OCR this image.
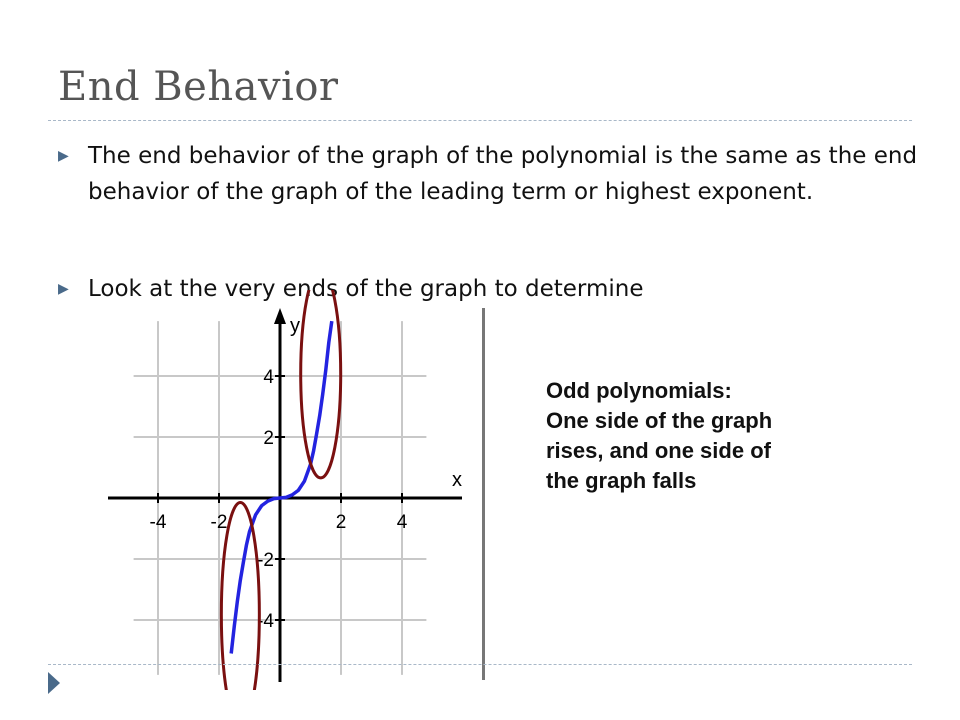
End Behavior
▶ The end behavior of the graph of the polynomial is the same as the end behavior of the graph of the leading term or highest exponent.
▶ Look at the very ends of the graph to determine
x
y
-4 -2	2	4
4
2
-2
-4
Odd polynomials:
One side of the graph
rises, and one side of
the graph falls
